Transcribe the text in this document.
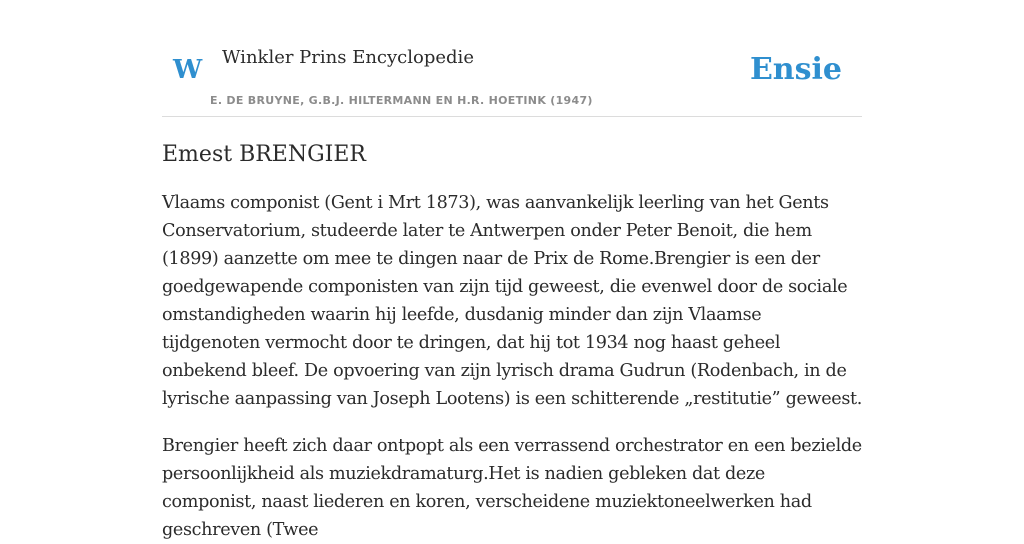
W Winkler Prins Encyclopedie
E. DE BRUYNE, G.B.J. HILTERMANN EN H.R. HOETINK (1947)
Ensie
Emest BRENGIER

Vlaams componist (Gent i Mrt 1873), was aanvankelijk leerling van het Gents Conservatorium, studeerde later te Antwerpen onder Peter Benoit, die hem (1899) aanzette om mee te dingen naar de Prix de Rome.Brengier is een der goedgewapende componisten van zijn tijd geweest, die evenwel door de sociale omstandigheden waarin hij leefde, dusdanig minder dan zijn Vlaamse tijdgenoten vermocht door te dringen, dat hij tot 1934 nog haast geheel onbekend bleef. De opvoering van zijn lyrisch drama Gudrun (Rodenbach, in de lyrische aanpassing van Joseph Lootens) is een schitterende „restitutie” geweest.

Brengier heeft zich daar ontpopt als een verrassend orchestrator en een bezielde persoonlijkheid als muziekdramaturg.Het is nadien gebleken dat deze componist, naast liederen en koren, verscheidene muziektoneelwerken had geschreven (Twee
